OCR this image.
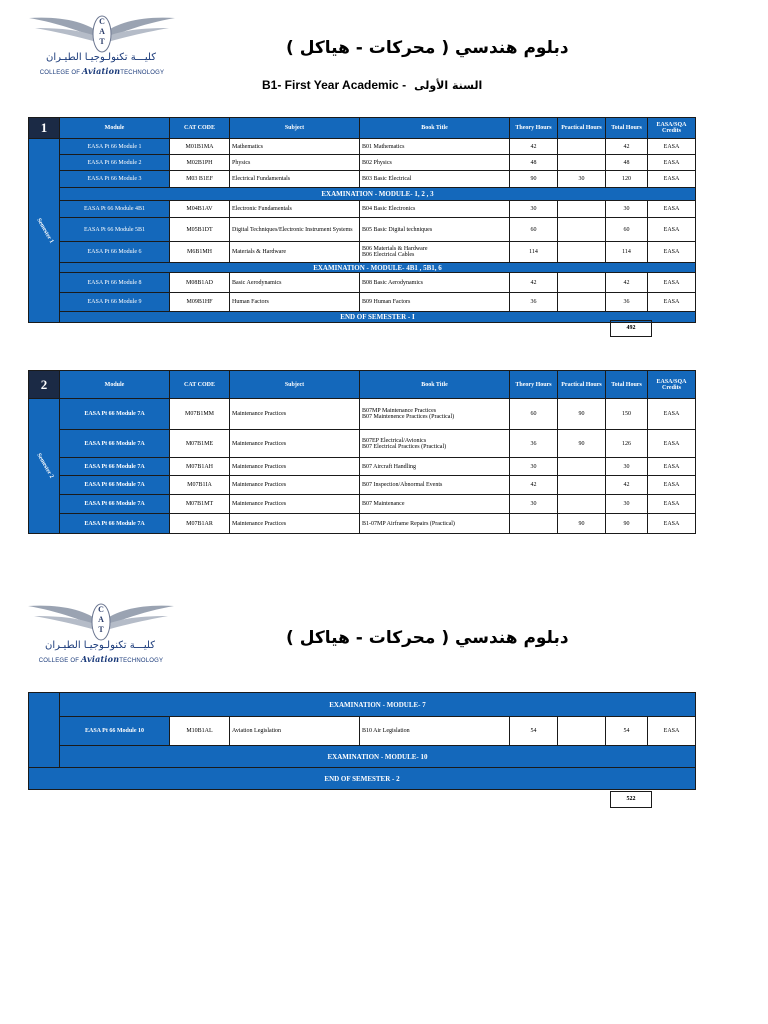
CAT
كليـــة تكنولـوجيـا الطيـران
COLLEGE OF AviationTECHNOLOGY
دبلوم هندسي ( محركات - هياكل )
B1- First Year Academic - السنة الأولى
1	Module	CAT CODE	Subject	Book Title	Theory Hours	Practical Hours	Total Hours	EASA/SQA Credits
Semester 1	EASA Pt 66 Module 1	M01B1MA	Mathematics	B01 Mathematics	42		42	EASA
	EASA Pt 66 Module 2	M02B1PH	Physics	B02 Physics	48		48	EASA
	EASA Pt 66 Module 3	M03 B1EF	Electrical Fundamentals	B03 Basic Electrical	90	30	120	EASA
	EXAMINATION - MODULE- 1, 2 , 3							
	EASA Pt 66 Module 4B1	M04B1AV	Electronic Fundamentals	B04 Basic Electronics	30		30	EASA
	EASA Pt 66 Module 5B1	M05B1DT	Digital Techniques/Electronic Instrument Systems	B05 Basic Digital techniques	60		60	EASA
	EASA Pt 66 Module 6	M6B1MH	Materials & Hardware	B06 Materials & Hardware
B06 Electrical Cables	114		114	EASA
	EXAMINATION - MODULE- 4B1 , 5B1, 6							
	EASA Pt 66 Module 8	M08B1AD	Basic Aerodynamics	B08 Basic Aerodynamics	42		42	EASA
	EASA Pt 66 Module 9	M09B1HF	Human Factors	B09 Human Factors	36		36	EASA
	END OF SEMESTER - I							
492
2	Module	CAT CODE	Subject	Book Title	Theory Hours	Practical Hours	Total Hours	EASA/SQA Credits
Semester 2	EASA Pt 66 Module 7A	M07B1MM	Maintenance Practices	B07MP Maintenance Practices
B07 Maintenence Practices (Practical)	60	90	150	EASA
	EASA Pt 66 Module 7A	M07B1ME	Maintenance Practices	B07EP Electrical/Avionics
B07 Electrical Practices (Practical)	36	90	126	EASA
	EASA Pt 66 Module 7A	M07B1AH	Maintenance Practices	B07 Aircraft Handling	30		30	EASA
	EASA Pt 66 Module 7A	M07B1IA	Maintenance Practices	B07 Inspection/Abnormal Events	42		42	EASA
	EASA Pt 66 Module 7A	M07B1MT	Maintenance Practices	B07 Maintenance	30		30	EASA
	EASA Pt 66 Module 7A	M07B1AR	Maintenance Practices	B1-07MP Airframe Repairs (Practical)		90	90	EASA
CAT
كليـــة تكنولـوجيـا الطيـران
COLLEGE OF AviationTECHNOLOGY
دبلوم هندسي ( محركات - هياكل )
	EXAMINATION - MODULE- 7							
	EASA Pt 66 Module 10	M10B1AL	Aviation Legislation	B10 Air Legislation	54		54	EASA
	EXAMINATION - MODULE- 10							
END OF SEMESTER - 2								
522
